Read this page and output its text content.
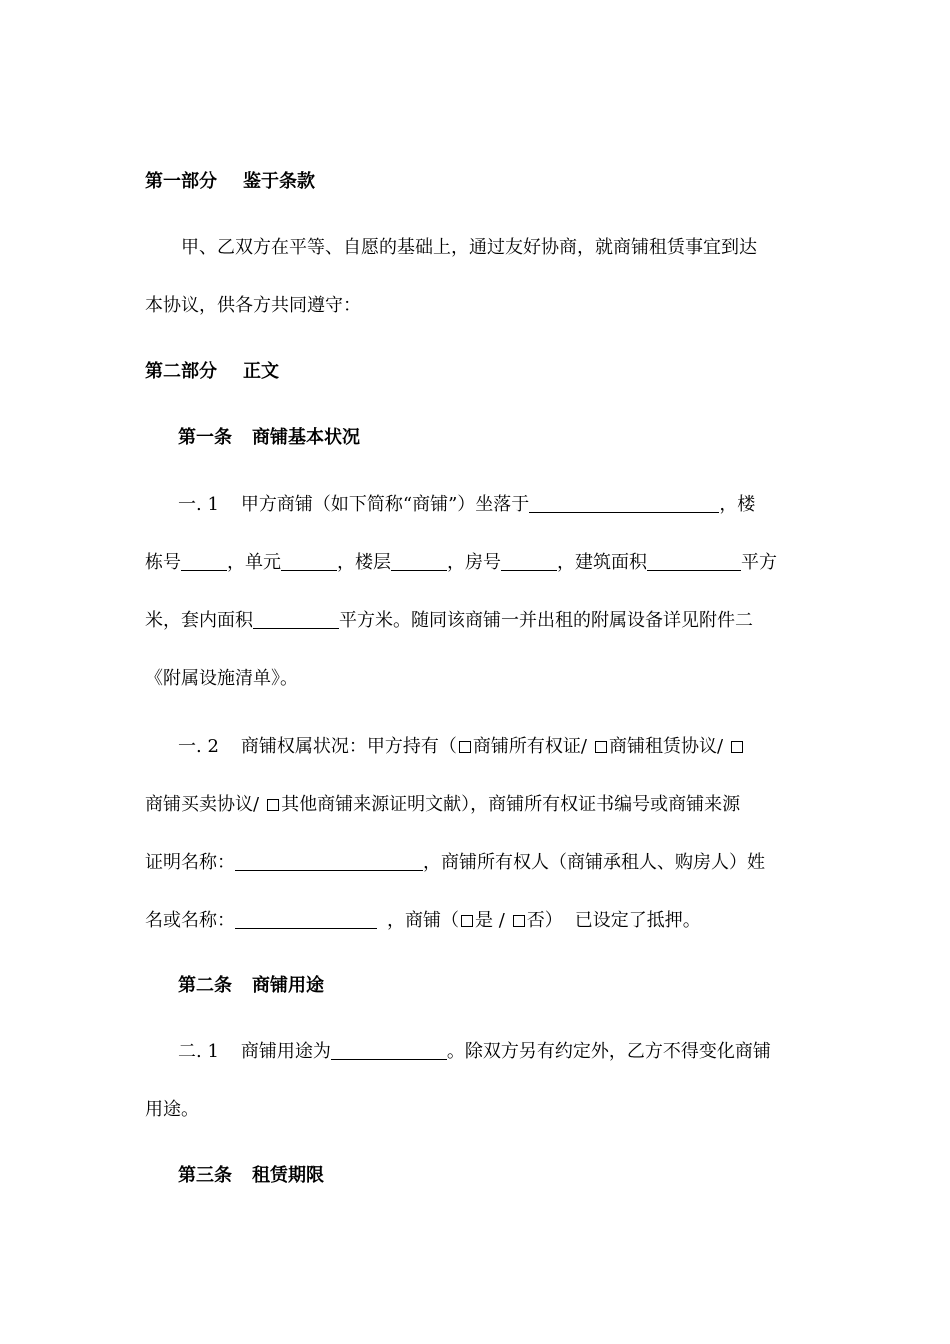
第一部分 鉴于条款
甲、乙双方在平等、自愿的基础上，通过友好协商，就商铺租赁事宜到达
本协议，供各方共同遵守：
第二部分 正文
第一条 商铺基本状况
一. 1 甲方商铺（如下简称“商铺”）坐落于	，楼
栋号	，单元	，楼层	，房号	，建筑面积	平方
米，套内面积	平方米。随同该商铺一并出租的附属设备详见附件二
《附属设施清单》。
一. 2 商铺权属状况：甲方持有（ 商铺所有权证/ 商铺租赁协议/
商铺买卖协议/ 其他商铺来源证明文献），商铺所有权证书编号或商铺来源
证明名称：	，商铺所有权人（商铺承租人、购房人）姓
名或名称：	，商铺（ 是 / 否） 已设定了抵押。
第二条 商铺用途
二. 1 商铺用途为	。除双方另有约定外，乙方不得变化商铺
用途。
第三条 租赁期限
